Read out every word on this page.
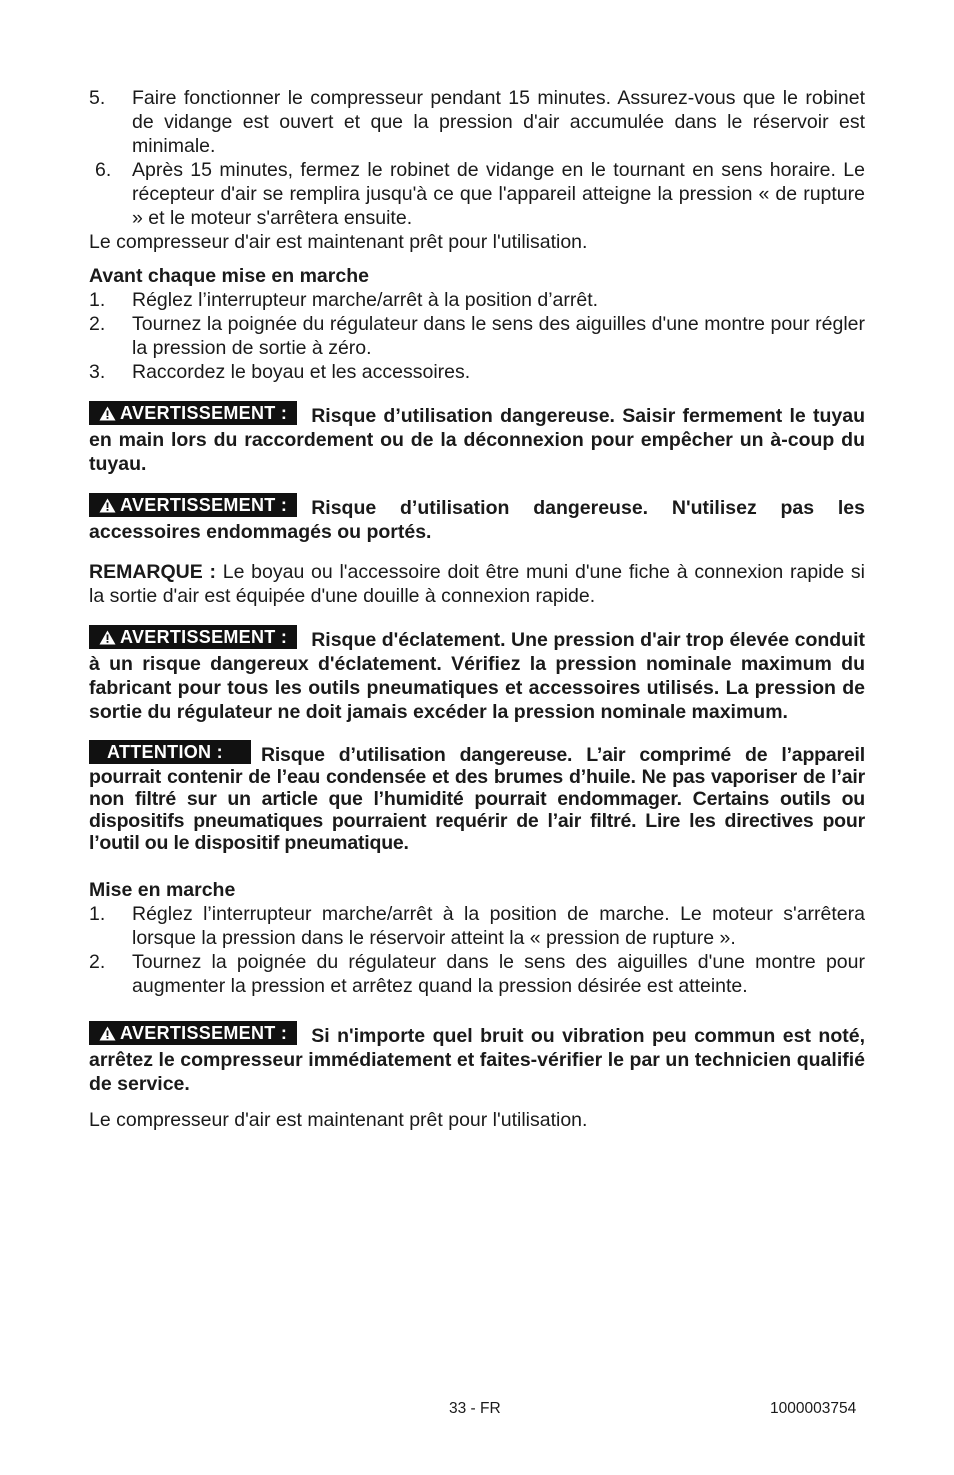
5.	Faire fonctionner le compresseur pendant 15 minutes. Assurez-vous que le robinet de vidange est ouvert et que la pression d'air accumulée dans le réservoir est minimale.
6.	Après 15 minutes, fermez le robinet de vidange en le tournant en sens horaire. Le récepteur d'air se remplira jusqu'à ce que l'appareil atteigne la pression « de rupture » et le moteur s'arrêtera ensuite.

Le compresseur d'air est maintenant prêt pour l'utilisation.

Avant chaque mise en marche

1.	Réglez l’interrupteur marche/arrêt à la position d’arrêt.
2.	Tournez la poignée du régulateur dans le sens des aiguilles d'une montre pour régler la pression de sortie à zéro.
3.	Raccordez le boyau et les accessoires.

AVERTISSEMENT : Risque d’utilisation dangereuse. Saisir fermement le tuyau en main lors du raccordement ou de la déconnexion pour empêcher un à-coup du tuyau.

AVERTISSEMENT : Risque d’utilisation dangereuse. N'utilisez pas les accessoires endommagés ou portés.

REMARQUE : Le boyau ou l'accessoire doit être muni d'une fiche à connexion rapide si la sortie d'air est équipée d'une douille à connexion rapide.

AVERTISSEMENT : Risque d'éclatement. Une pression d'air trop élevée conduit à un risque dangereux d'éclatement. Vérifiez la pression nominale maximum du fabricant pour tous les outils pneumatiques et accessoires utilisés. La pression de sortie du régulateur ne doit jamais excéder la pression nominale maximum.

ATTENTION : Risque d’utilisation dangereuse. L’air comprimé de l’appareil pourrait contenir de l’eau condensée et des brumes d’huile. Ne pas vaporiser de l’air non filtré sur un article que l’humidité pourrait endommager. Certains outils ou dispositifs pneumatiques pourraient requérir de l’air filtré. Lire les directives pour l’outil ou le dispositif pneumatique.

Mise en marche

1.	Réglez l’interrupteur marche/arrêt à la position de marche. Le moteur s'arrêtera lorsque la pression dans le réservoir atteint la « pression de rupture ».
2.	Tournez la poignée du régulateur dans le sens des aiguilles d'une montre pour augmenter la pression et arrêtez quand la pression désirée est atteinte.

AVERTISSEMENT : Si n'importe quel bruit ou vibration peu commun est noté, arrêtez le compresseur immédiatement et faites-vérifier le par un technicien qualifié de service.

Le compresseur d'air est maintenant prêt pour l'utilisation.

33 - FR	1000003754
